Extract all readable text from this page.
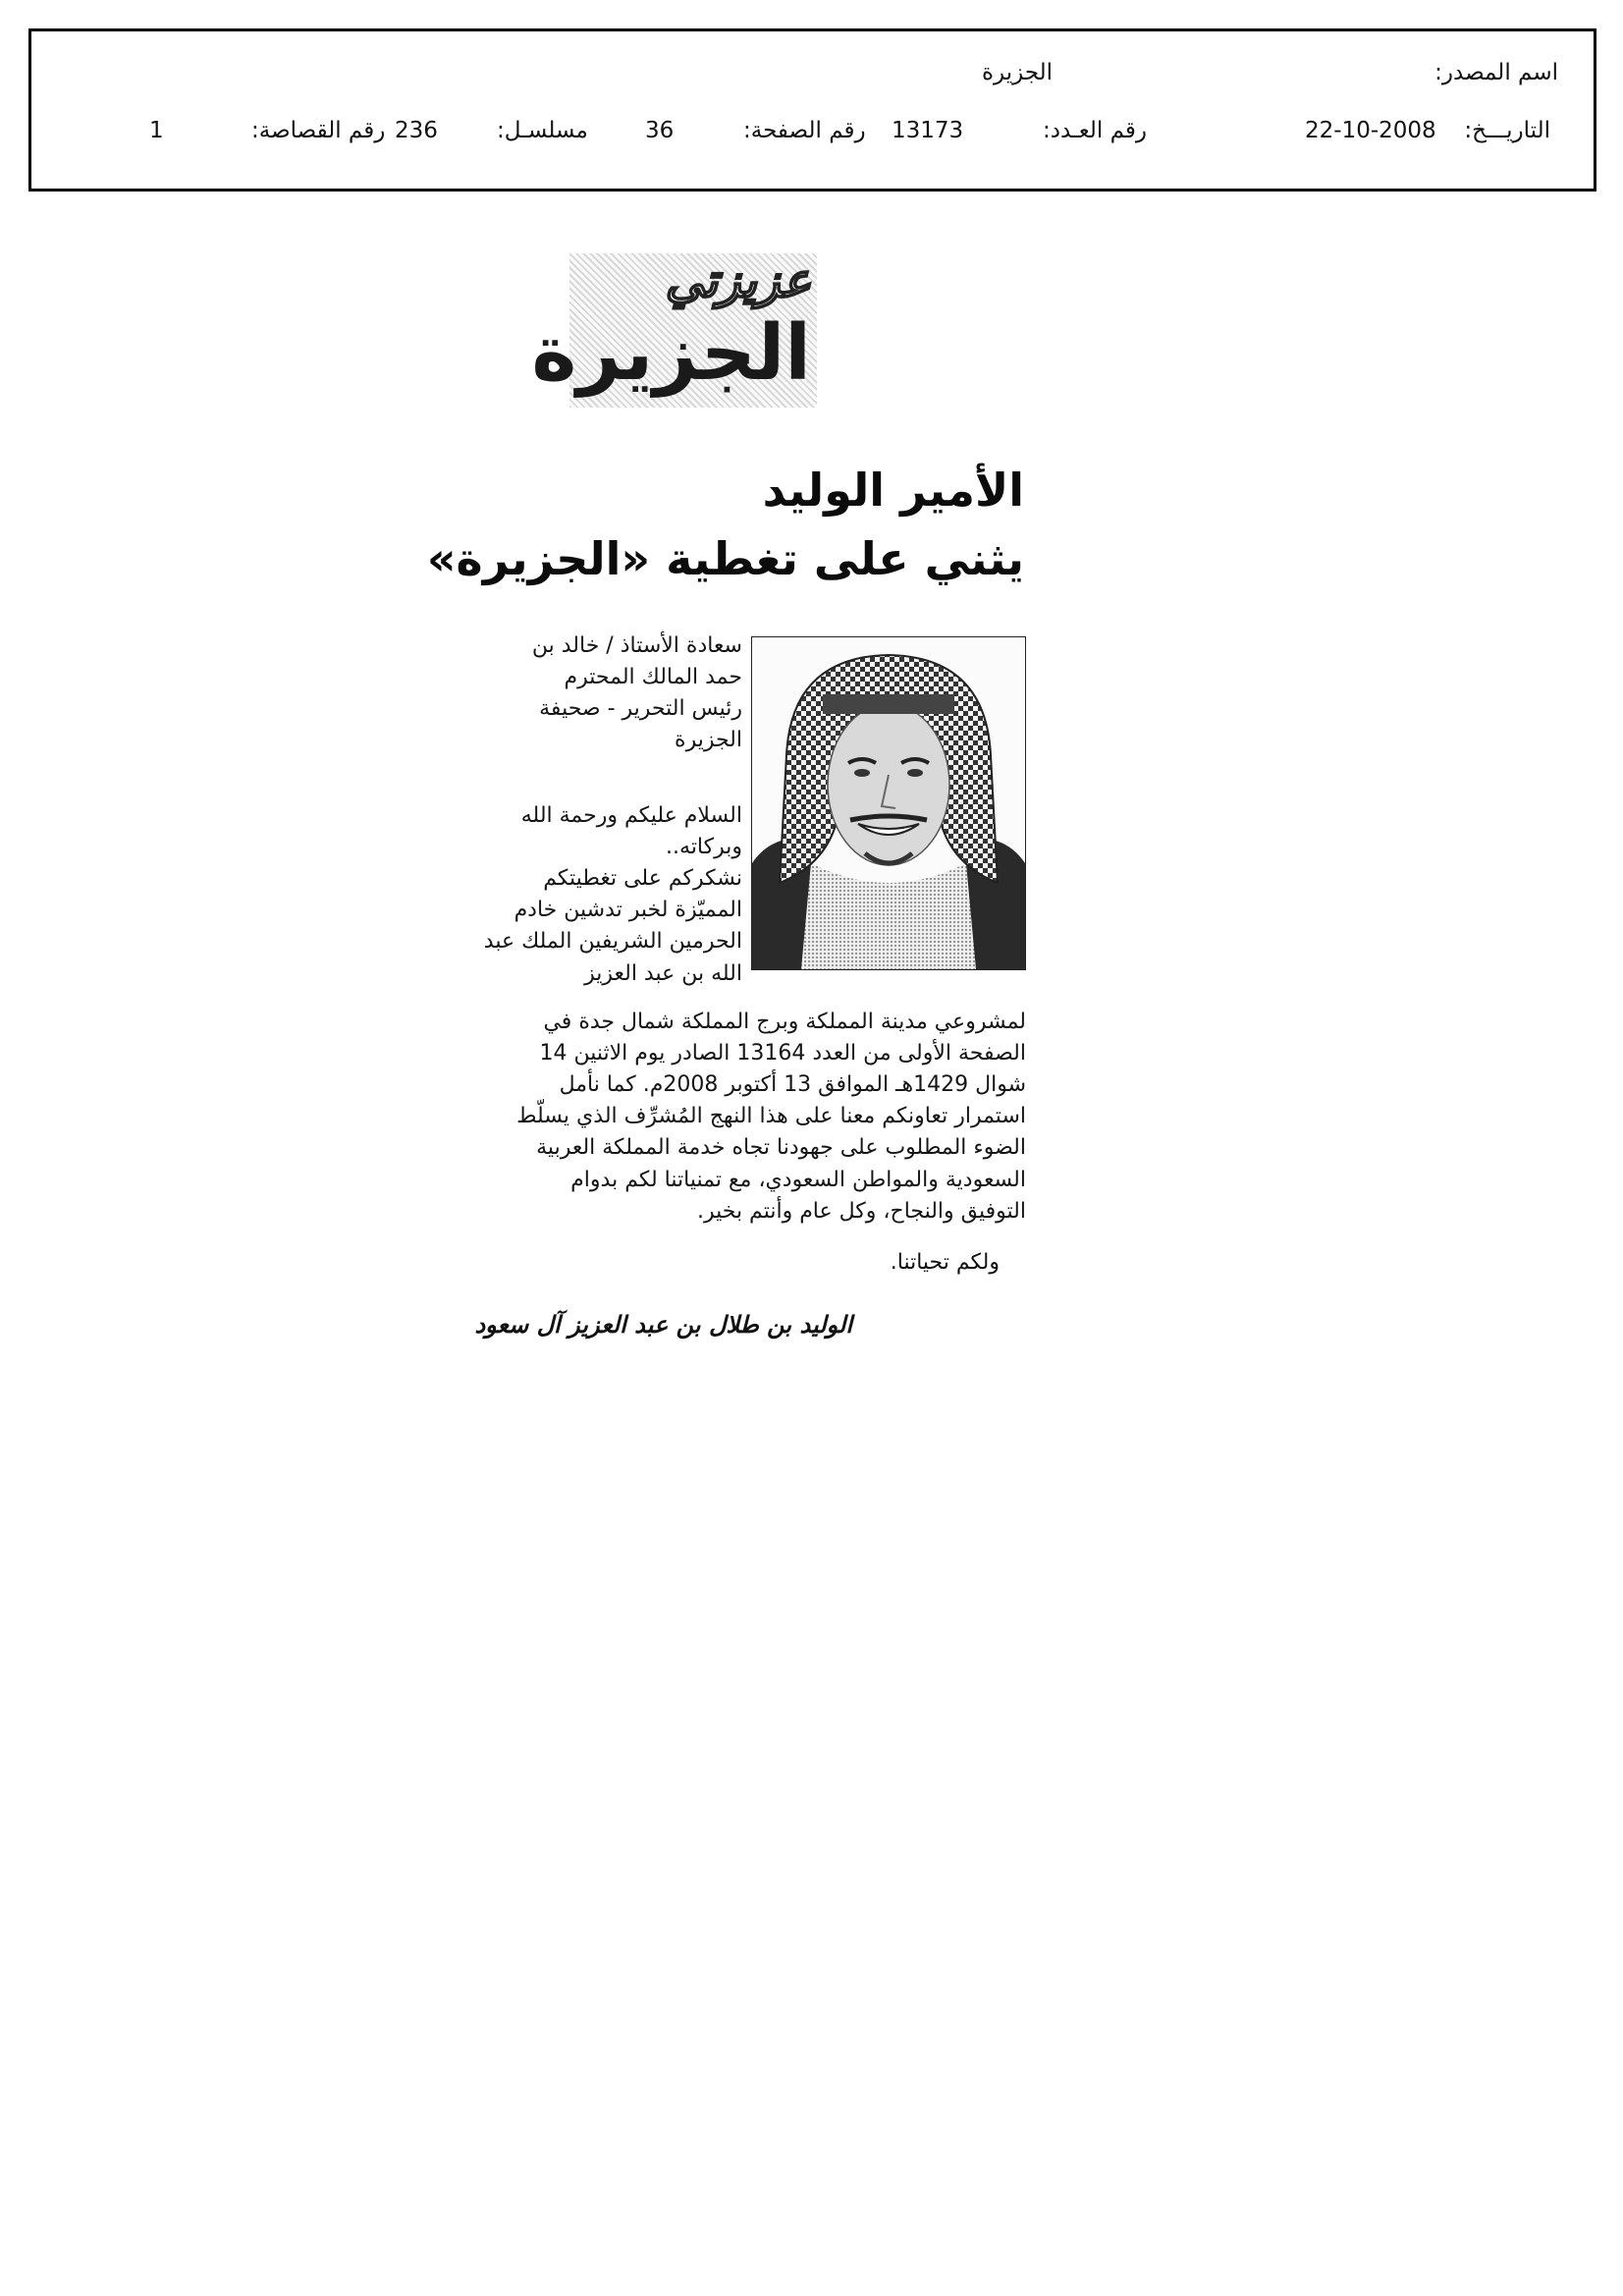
اسم المصدر:
الجزيرة
التاريـــخ:
22-10-2008
رقم العـدد:
13173
رقم الصفحة:
36
مسلسـل:
236
رقم القصاصة:
1
عزيزتي
الجزيرة
الأمير الوليد
يثني على تغطية «الجزيرة»

سعادة الأستاذ / خالد بن

حمد المالك المحترم

رئيس التحرير - صحيفة

الجزيرة

السلام عليكم ورحمة الله

وبركاته..

نشكركم على تغطيتكم

المميّزة لخبر تدشين خادم

الحرمين الشريفين الملك عبد

الله بن عبد العزيز

لمشروعي مدينة المملكة وبرج المملكة شمال جدة في

الصفحة الأولى من العدد 13164 الصادر يوم الاثنين 14

شوال 1429هـ الموافق 13 أكتوبر 2008م. كما نأمل

استمرار تعاونكم معنا على هذا النهج المُشرِّف الذي يسلّط

الضوء المطلوب على جهودنا تجاه خدمة المملكة العربية

السعودية والمواطن السعودي، مع تمنياتنا لكم بدوام

التوفيق والنجاح، وكل عام وأنتم بخير.

ولكم تحياتنا.
الوليد بن طلال بن عبد العزيز آل سعود
